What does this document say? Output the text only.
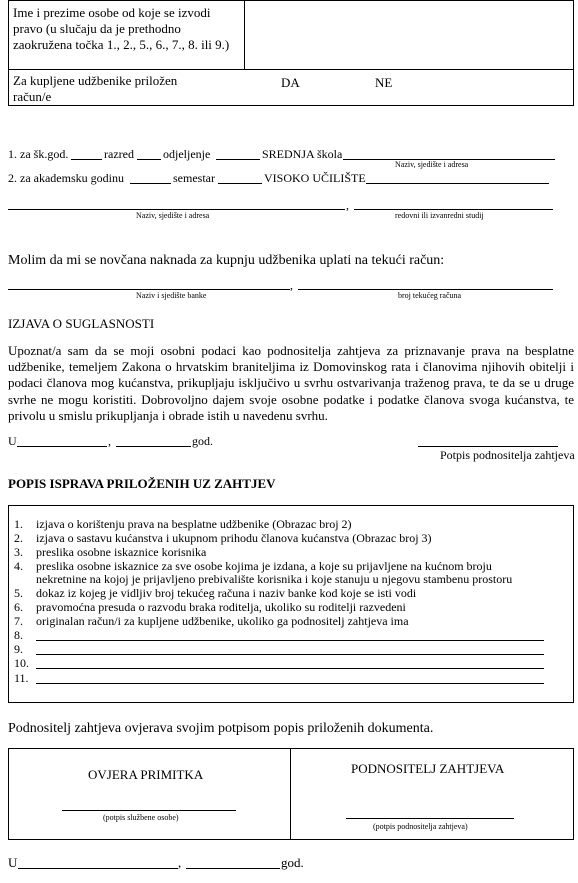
Ime i prezime osobe od koje se izvodi pravo (u slučaju da je prethodno zaokružena točka 1., 2., 5., 6., 7., 8. ili 9.)
Za kupljene udžbenike priložen račun/e
DA	NE
1. za šk.god.	razred odjeljenje	SREDNJA škola
Naziv, sjedište i adresa
2. za akademsku godinu	semestar	VISOKO UČILIŠTE
,
Naziv, sjedište i adresa	redovni ili izvanredni studij
Molim da mi se novčana naknada za kupnju udžbenika uplati na tekući račun:
,
Naziv i sjedište banke	broj tekućeg računa
IZJAVA O SUGLASNOSTI
Upoznat/a sam da se moji osobni podaci kao podnositelja zahtjeva za priznavanje prava na besplatne udžbenike, temeljem Zakona o hrvatskim braniteljima iz Domovinskog rata i članovima njihovih obitelji i podaci članova mog kućanstva, prikupljaju isključivo u svrhu ostvarivanja traženog prava, te da se u druge svrhe ne mogu koristiti. Dobrovoljno dajem svoje osobne podatke i podatke članova svoga kućanstva, te privolu u smislu prikupljanja i obrade istih u navedenu svrhu.
U	,	god.
Potpis podnositelja zahtjeva
POPIS ISPRAVA PRILOŽENIH UZ ZAHTJEV
1.	izjava o korištenju prava na besplatne udžbenike (Obrazac broj 2)
2.	izjava o sastavu kućanstva i ukupnom prihodu članova kućanstva (Obrazac broj 3)
3.	preslika osobne iskaznice korisnika
4.	preslika osobne iskaznice za sve osobe kojima je izdana, a koje su prijavljene na kućnom broju nekretnine na kojoj je prijavljeno prebivalište korisnika i koje stanuju u njegovu stambenu prostoru
5.	dokaz iz kojeg je vidljiv broj tekućeg računa i naziv banke kod koje se isti vodi
6.	pravomoćna presuda o razvodu braka roditelja, ukoliko su roditelji razvedeni
7.	originalan račun/i za kupljene udžbenike, ukoliko ga podnositelj zahtjeva ima
8.
9.
10.
11.
Podnositelj zahtjeva ovjerava svojim potpisom popis priloženih dokumenta.
OVJERA PRIMITKA
(potpis službene osobe)
PODNOSITELJ ZAHTJEVA
(potpis podnositelja zahtjeva)
U	,	god.
